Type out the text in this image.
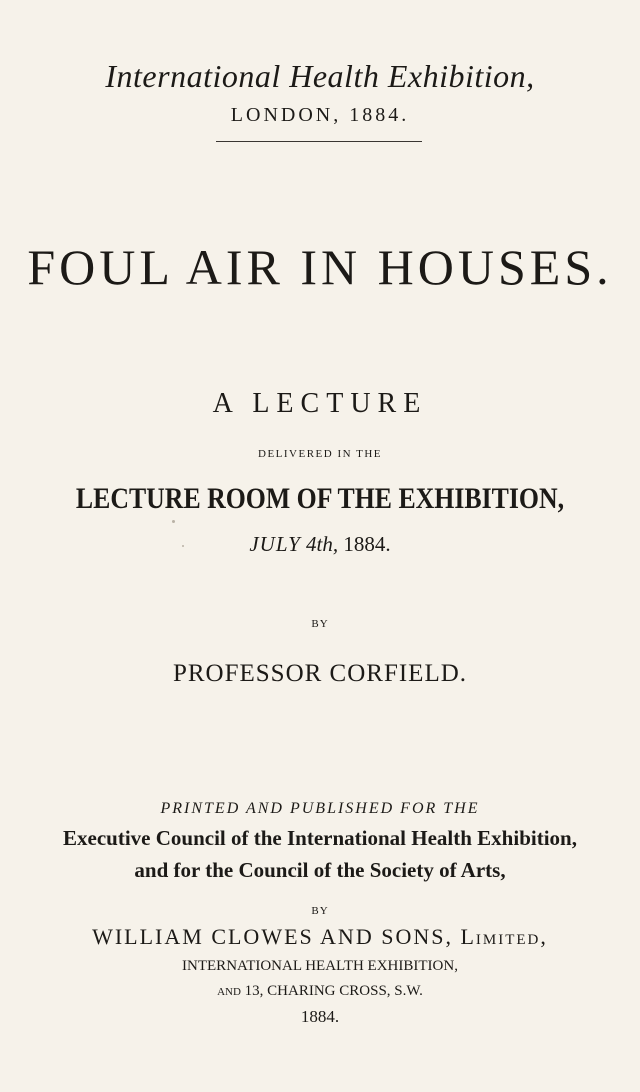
International Health Exhibition,
LONDON, 1884.
FOUL AIR IN HOUSES.
A LECTURE
DELIVERED IN THE
LECTURE ROOM OF THE EXHIBITION,
JULY 4th, 1884.
BY
PROFESSOR CORFIELD.
PRINTED AND PUBLISHED FOR THE
Executive Council of the International Health Exhibition,
and for the Council of the Society of Arts,
BY
WILLIAM CLOWES AND SONS, Limited,
INTERNATIONAL HEALTH EXHIBITION,
and 13, CHARING CROSS, S.W.
1884.
